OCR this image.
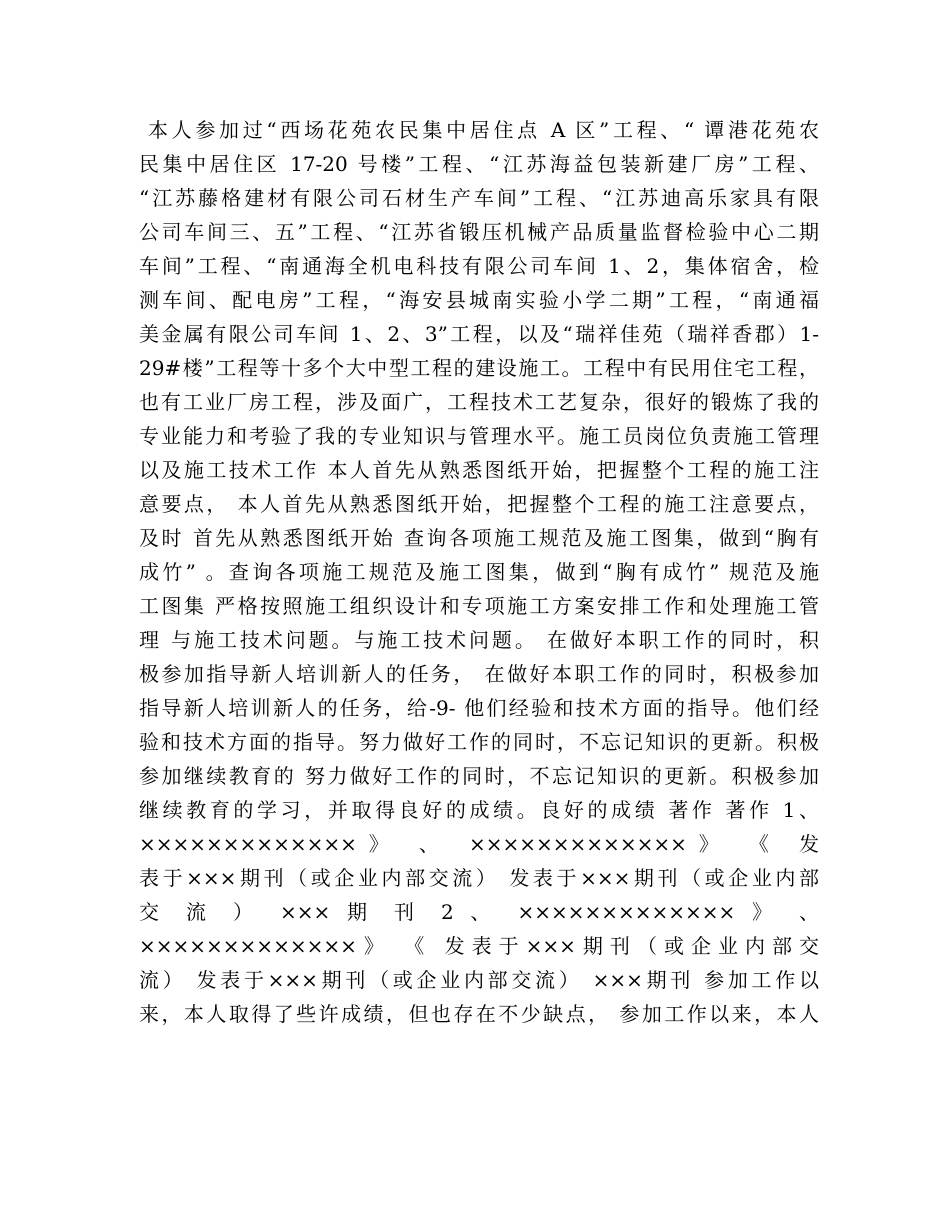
本人参加过“西场花苑农民集中居住点 A 区”工程、“ 谭港花苑农
民集中居住区 17-20 号楼”工程、“江苏海益包装新建厂房”工程、
“江苏藤格建材有限公司石材生产车间”工程、“江苏迪高乐家具有限
公司车间三、五”工程、“江苏省锻压机械产品质量监督检验中心二期
车间”工程、“南通海全机电科技有限公司车间 1、2，集体宿舍，检
测车间、配电房”工程，“海安县城南实验小学二期”工程，“南通福
美金属有限公司车间 1、2、3”工程，以及“瑞祥佳苑（瑞祥香郡）1-
29#楼”工程等十多个大中型工程的建设施工。工程中有民用住宅工程，
也有工业厂房工程，涉及面广，工程技术工艺复杂，很好的锻炼了我的
专业能力和考验了我的专业知识与管理水平。施工员岗位负责施工管理
以及施工技术工作 本人首先从熟悉图纸开始，把握整个工程的施工注
意要点， 本人首先从熟悉图纸开始，把握整个工程的施工注意要点，
及时 首先从熟悉图纸开始 查询各项施工规范及施工图集，做到“胸有
成竹” 。查询各项施工规范及施工图集，做到“胸有成竹” 规范及施
工图集 严格按照施工组织设计和专项施工方案安排工作和处理施工管
理 与施工技术问题。与施工技术问题。 在做好本职工作的同时，积
极参加指导新人培训新人的任务， 在做好本职工作的同时，积极参加
指导新人培训新人的任务，给-9- 他们经验和技术方面的指导。他们经
验和技术方面的指导。努力做好工作的同时，不忘记知识的更新。积极
参加继续教育的 努力做好工作的同时，不忘记知识的更新。积极参加
继续教育的学习，并取得良好的成绩。良好的成绩 著作 著作 1、
×××××××××××××》 、 ×××××××××××××》 《 发
表于×××期刊（或企业内部交流） 发表于×××期刊（或企业内部
交 流 ） ××× 期 刊 2 、 ××××××××××××× 》 、
×××××××××××××》 《 发表于×××期刊（或企业内部交
流） 发表于×××期刊（或企业内部交流） ×××期刊 参加工作以
来，本人取得了些许成绩，但也存在不少缺点， 参加工作以来，本人
